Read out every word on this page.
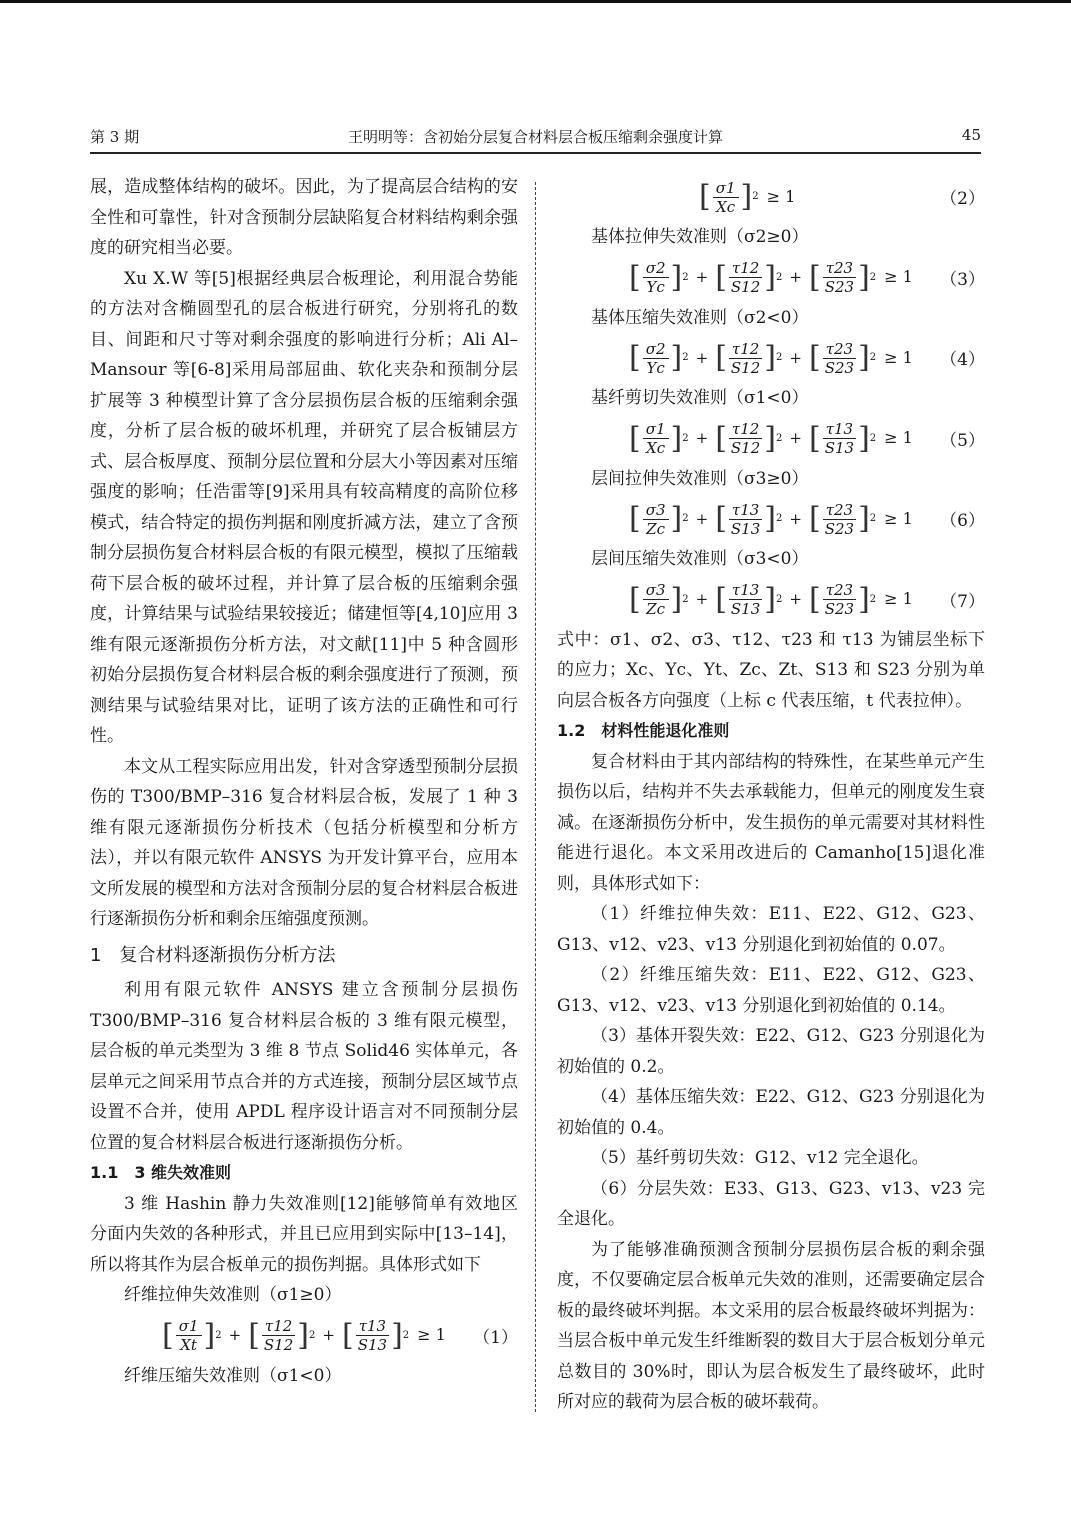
第 3 期	王明明等：含初始分层复合材料层合板压缩剩余强度计算	45

展，造成整体结构的破坏。因此，为了提高层合结构的安全性和可靠性，针对含预制分层缺陷复合材料结构剩余强度的研究相当必要。

Xu X.W 等[5]根据经典层合板理论，利用混合势能的方法对含椭圆型孔的层合板进行研究，分别将孔的数目、间距和尺寸等对剩余强度的影响进行分析；Ali Al–Mansour 等[6-8]采用局部屈曲、软化夹杂和预制分层扩展等 3 种模型计算了含分层损伤层合板的压缩剩余强度，分析了层合板的破坏机理，并研究了层合板铺层方式、层合板厚度、预制分层位置和分层大小等因素对压缩强度的影响；任浩雷等[9]采用具有较高精度的高阶位移模式，结合特定的损伤判据和刚度折减方法，建立了含预制分层损伤复合材料层合板的有限元模型，模拟了压缩载荷下层合板的破坏过程，并计算了层合板的压缩剩余强度，计算结果与试验结果较接近；储建恒等[4,10]应用 3 维有限元逐渐损伤分析方法，对文献[11]中 5 种含圆形初始分层损伤复合材料层合板的剩余强度进行了预测，预测结果与试验结果对比，证明了该方法的正确性和可行性。

本文从工程实际应用出发，针对含穿透型预制分层损伤的 T300/BMP–316 复合材料层合板，发展了 1 种 3 维有限元逐渐损伤分析技术（包括分析模型和分析方法），并以有限元软件 ANSYS 为开发计算平台，应用本文所发展的模型和方法对含预制分层的复合材料层合板进行逐渐损伤分析和剩余压缩强度预测。

1　复合材料逐渐损伤分析方法

利用有限元软件 ANSYS 建立含预制分层损伤 T300/BMP–316 复合材料层合板的 3 维有限元模型，层合板的单元类型为 3 维 8 节点 Solid46 实体单元，各层单元之间采用节点合并的方式连接，预制分层区域节点设置不合并，使用 APDL 程序设计语言对不同预制分层位置的复合材料层合板进行逐渐损伤分析。

1.1　3 维失效准则

3 维 Hashin 静力失效准则[12]能够简单有效地区分面内失效的各种形式，并且已应用到实际中[13–14]，所以将其作为层合板单元的损伤判据。具体形式如下

纤维拉伸失效准则（σ1≥0）
[ $\frac{\sigma 1}{Xt}$ ] 2 + [ $\frac{\tau 12}{S12}$ ] 2 + [ $\frac{\tau 13}{S13}$ ] 2 ≥ 1 （1）
纤维压缩失效准则（σ1<0）
[ $\frac{\sigma 1}{Xc}$ ] 2 ≥ 1	（2）
基体拉伸失效准则（σ2≥0）
[ $\frac{\sigma 2}{Yc}$ ] 2 + [ $\frac{\tau 12}{S12}$ ] 2 + [ $\frac{\tau 23}{S23}$ ] 2 ≥ 1 （3）
基体压缩失效准则（σ2<0）
[ $\frac{\sigma 2}{Yc}$ ] 2 + [ $\frac{\tau 12}{S12}$ ] 2 + [ $\frac{\tau 23}{S23}$ ] 2 ≥ 1 （4）
基纤剪切失效准则（σ1<0）
[ $\frac{\sigma 1}{Xc}$ ] 2 + [ $\frac{\tau 12}{S12}$ ] 2 + [ $\frac{\tau 13}{S13}$ ] 2 ≥ 1 （5）
层间拉伸失效准则（σ3≥0）
[ $\frac{\sigma 3}{Zc}$ ] 2 + [ $\frac{\tau 13}{S13}$ ] 2 + [ $\frac{\tau 23}{S23}$ ] 2 ≥ 1 （6）
层间压缩失效准则（σ3<0）
[ $\frac{\sigma 3}{Zc}$ ] 2 + [ $\frac{\tau 13}{S13}$ ] 2 + [ $\frac{\tau 23}{S23}$ ] 2 ≥ 1 （7）

式中：σ1、σ2、σ3、τ12、τ23 和 τ13 为铺层坐标下的应力；Xc、Yc、Yt、Zc、Zt、S13 和 S23 分别为单向层合板各方向强度（上标 c 代表压缩，t 代表拉伸）。

1.2　材料性能退化准则

复合材料由于其内部结构的特殊性，在某些单元产生损伤以后，结构并不失去承载能力，但单元的刚度发生衰减。在逐渐损伤分析中，发生损伤的单元需要对其材料性能进行退化。本文采用改进后的 Camanho[15]退化准则，具体形式如下：

（1）纤维拉伸失效：E11、E22、G12、G23、G13、v12、v23、v13 分别退化到初始值的 0.07。

（2）纤维压缩失效：E11、E22、G12、G23、G13、v12、v23、v13 分别退化到初始值的 0.14。

（3）基体开裂失效：E22、G12、G23 分别退化为初始值的 0.2。

（4）基体压缩失效：E22、G12、G23 分别退化为初始值的 0.4。

（5）基纤剪切失效：G12、v12 完全退化。

（6）分层失效：E33、G13、G23、v13、v23 完全退化。

为了能够准确预测含预制分层损伤层合板的剩余强度，不仅要确定层合板单元失效的准则，还需要确定层合板的最终破坏判据。本文采用的层合板最终破坏判据为：当层合板中单元发生纤维断裂的数目大于层合板划分单元总数目的 30%时，即认为层合板发生了最终破坏，此时所对应的载荷为层合板的破坏载荷。
